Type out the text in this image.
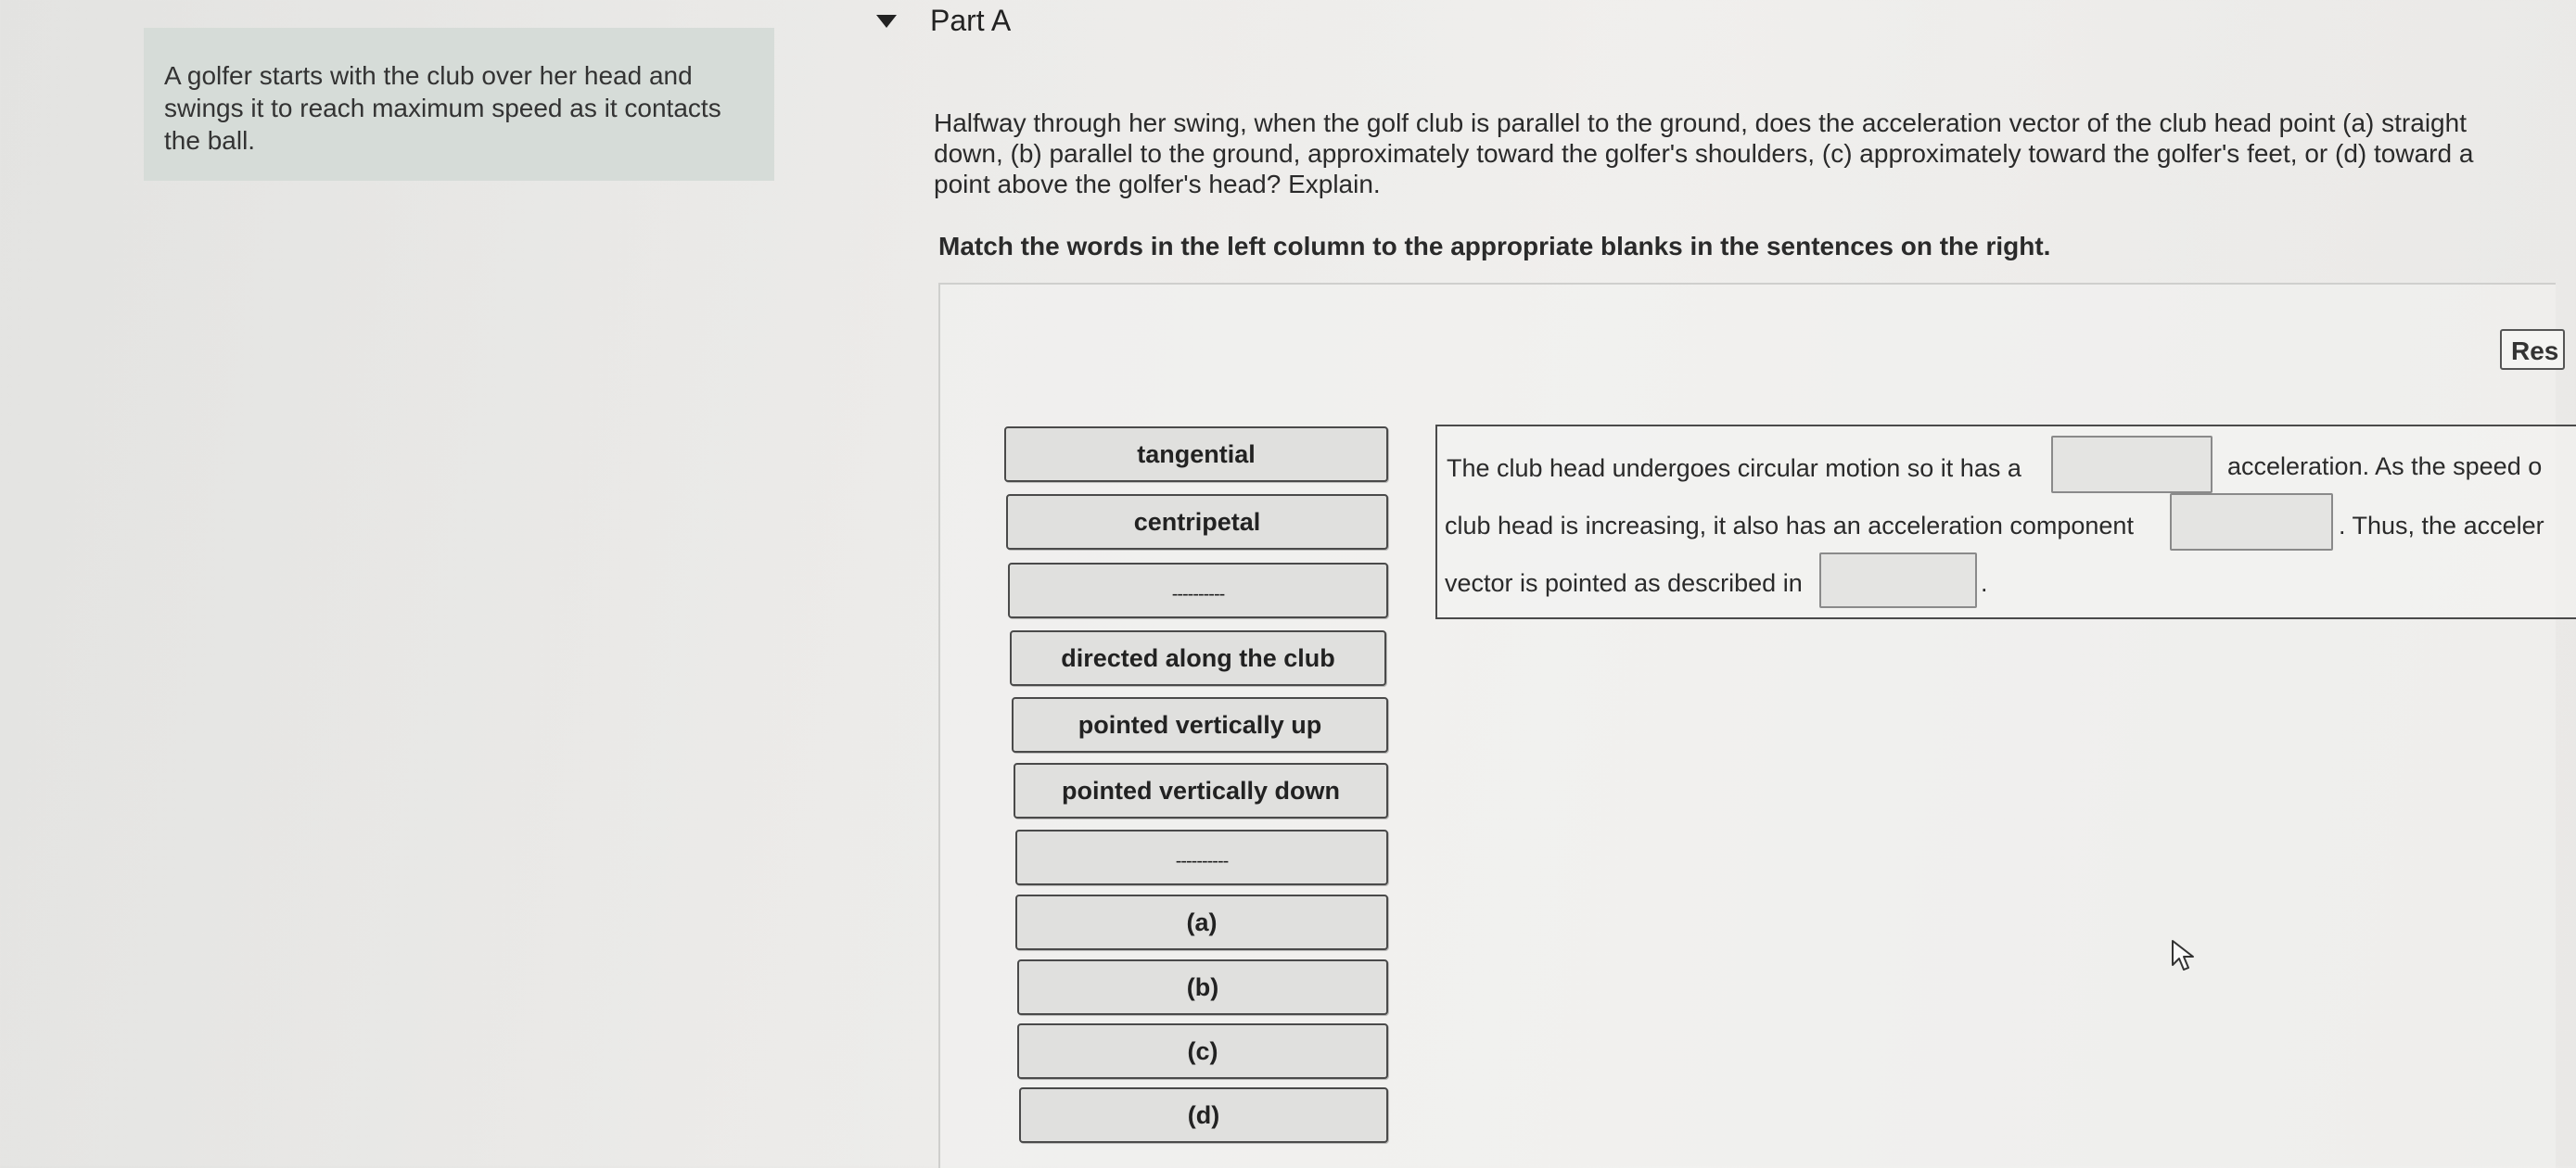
A golfer starts with the club over her head and swings it to reach maximum speed as it contacts the ball.

Part A

Halfway through her swing, when the golf club is parallel to the ground, does the acceleration vector of the club head point (a) straight down, (b) parallel to the ground, approximately toward the golfer's shoulders, (c) approximately toward the golfer's feet, or (d) toward a point above the golfer's head? Explain.

Match the words in the left column to the appropriate blanks in the sentences on the right.

Res
tangential
centripetal
----------
directed along the club
pointed vertically up
pointed vertically down
----------
(a)
(b)
(c)
(d)
The club head undergoes circular motion so it has a	acceleration. As the speed o
club head is increasing, it also has an acceleration component	. Thus, the acceler
vector is pointed as described in	.
